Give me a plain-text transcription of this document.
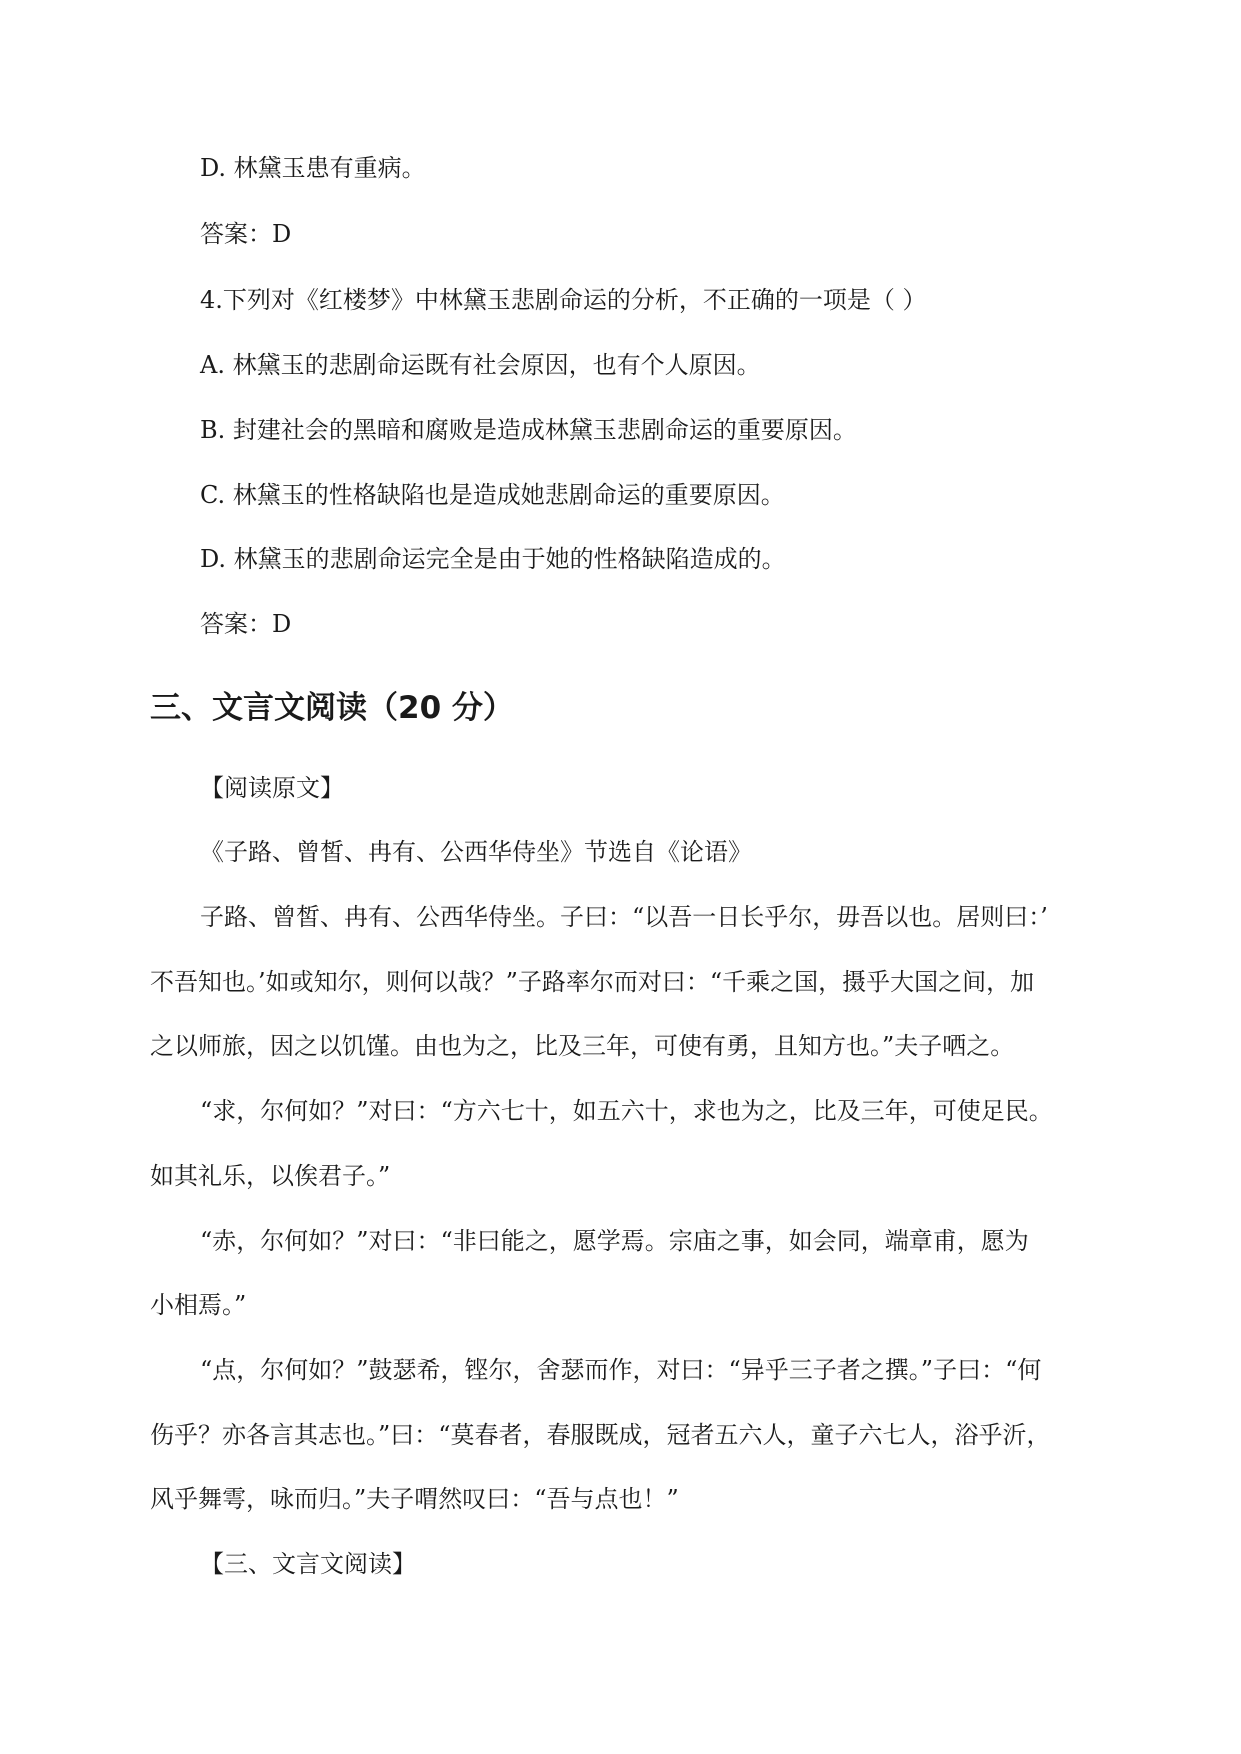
D. 林黛玉患有重病。

答案：D

4.下列对《红楼梦》中林黛玉悲剧命运的分析，不正确的一项是（ ）

A. 林黛玉的悲剧命运既有社会原因，也有个人原因。

B. 封建社会的黑暗和腐败是造成林黛玉悲剧命运的重要原因。

C. 林黛玉的性格缺陷也是造成她悲剧命运的重要原因。

D. 林黛玉的悲剧命运完全是由于她的性格缺陷造成的。

答案：D

三、文言文阅读（20 分）

【阅读原文】

《子路、曾皙、冉有、公西华侍坐》节选自《论语》

子路、曾皙、冉有、公西华侍坐。子曰：“以吾一日长乎尔，毋吾以也。居则曰：’

不吾知也。’如或知尔，则何以哉？”子路率尔而对曰：“千乘之国，摄乎大国之间，加

之以师旅，因之以饥馑。由也为之，比及三年，可使有勇，且知方也。”夫子哂之。

“求，尔何如？”对曰：“方六七十，如五六十，求也为之，比及三年，可使足民。

如其礼乐，以俟君子。”

“赤，尔何如？”对曰：“非曰能之，愿学焉。宗庙之事，如会同，端章甫，愿为

小相焉。”

“点，尔何如？”鼓瑟希，铿尔，舍瑟而作，对曰：“异乎三子者之撰。”子曰：“何

伤乎？亦各言其志也。”曰：“莫春者，春服既成，冠者五六人，童子六七人，浴乎沂，

风乎舞雩，咏而归。”夫子喟然叹曰：“吾与点也！”

【三、文言文阅读】
